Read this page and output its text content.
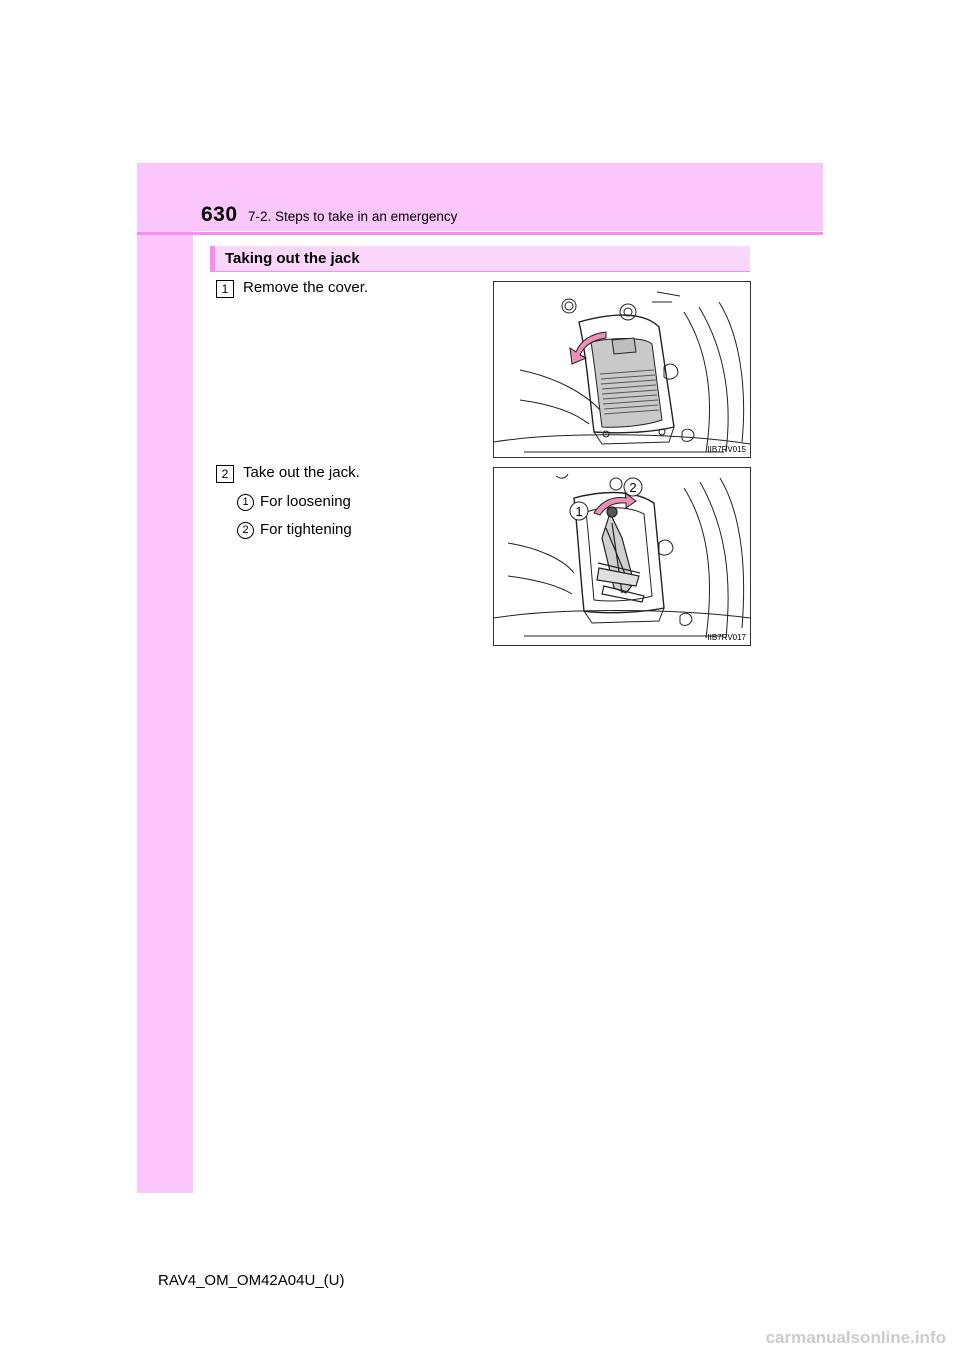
630 7-2. Steps to take in an emergency
Taking out the jack
1 Remove the cover.
IIB7RV015
2 Take out the jack.
1 For loosening
2 For tightening
1
2
IIB7RV017
RAV4_OM_OM42A04U_(U)
carmanualsonline.info
